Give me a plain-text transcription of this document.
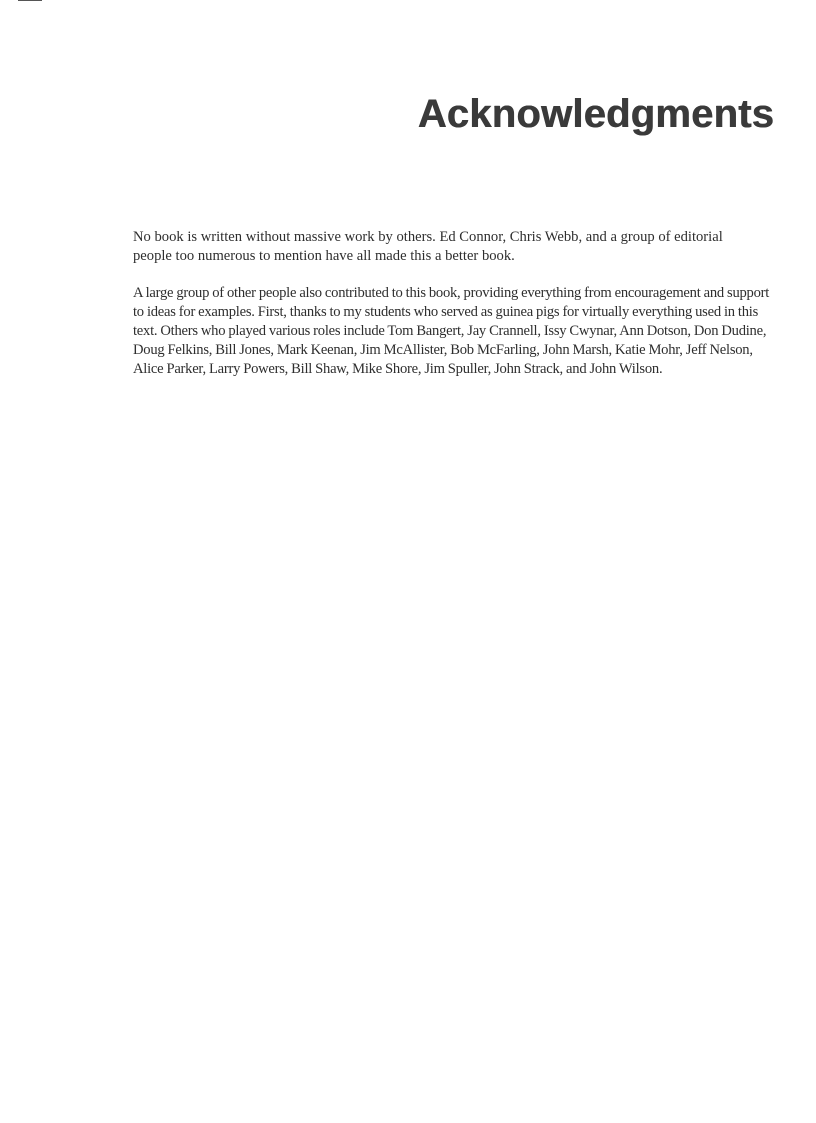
Acknowledgments

No book is written without massive work by others. Ed Connor, Chris Webb, and a group of editorial people too numerous to mention have all made this a better book.

A large group of other people also contributed to this book, providing everything from encouragement and support to ideas for examples. First, thanks to my students who served as guinea pigs for virtually everything used in this text. Others who played various roles include Tom Bangert, Jay Crannell, Issy Cwynar, Ann Dotson, Don Dudine, Doug Felkins, Bill Jones, Mark Keenan, Jim McAllister, Bob McFarling, John Marsh, Katie Mohr, Jeff Nelson, Alice Parker, Larry Powers, Bill Shaw, Mike Shore, Jim Spuller, John Strack, and John Wilson.
